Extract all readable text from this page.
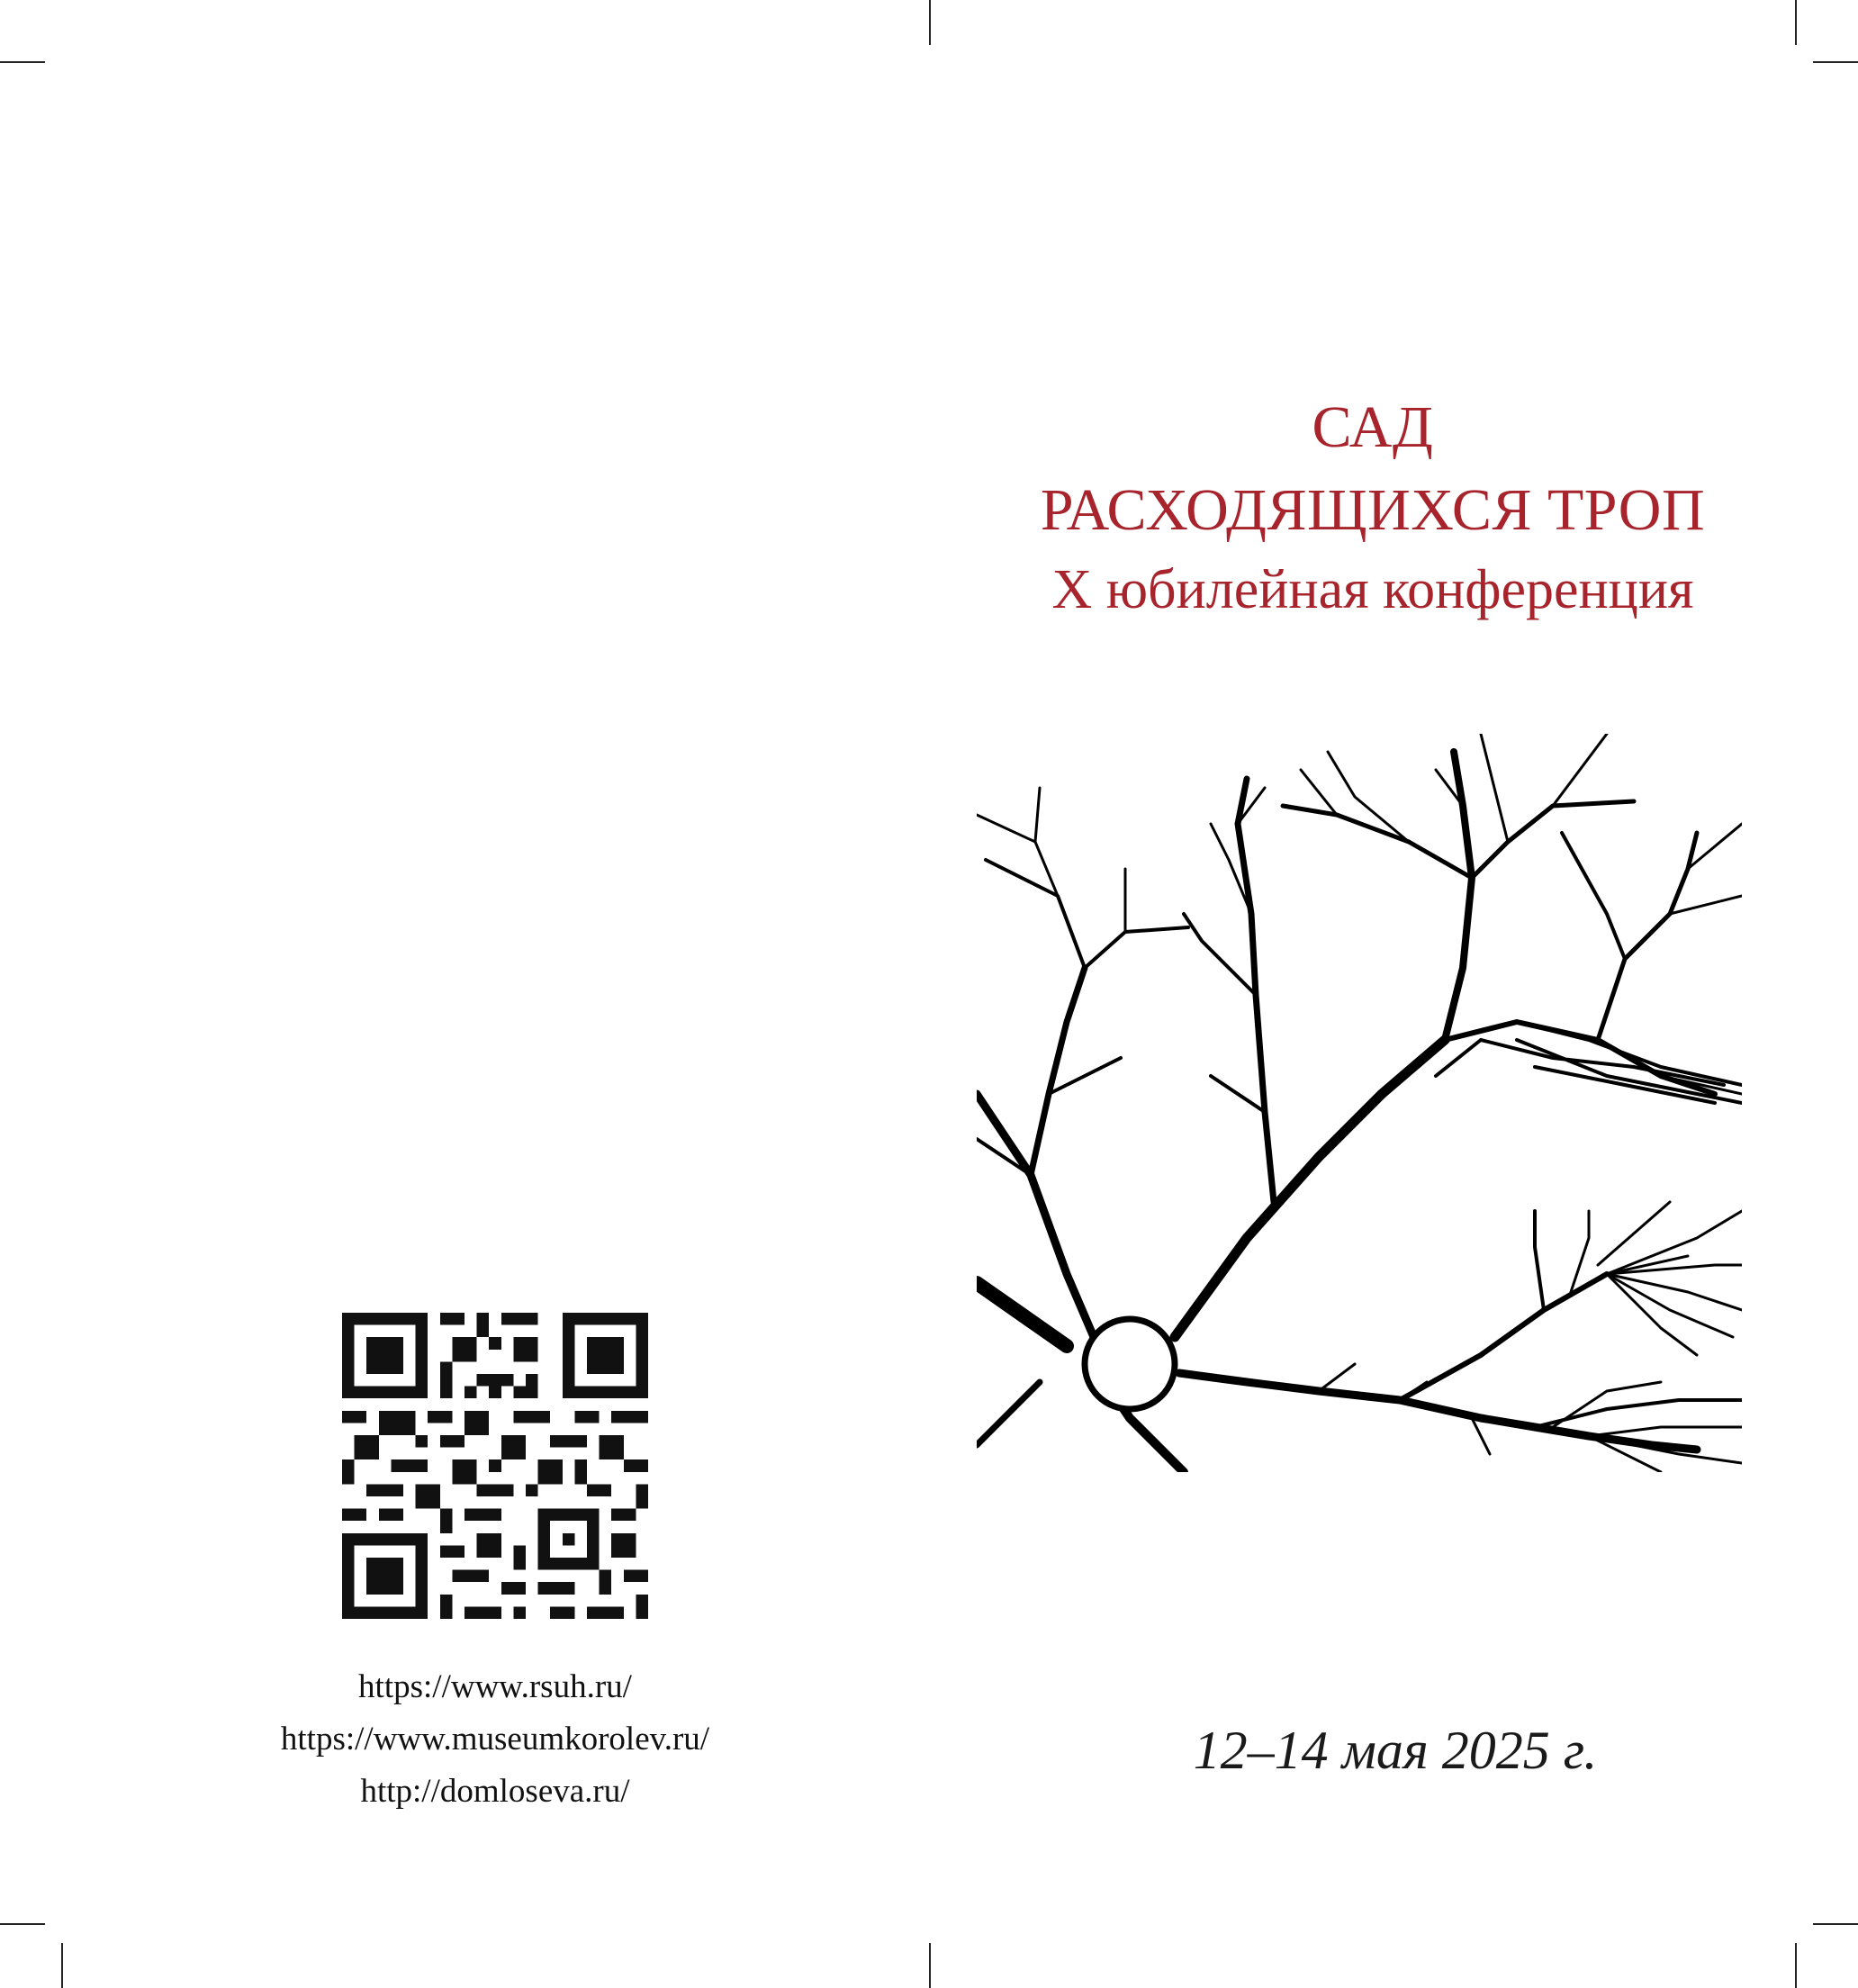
САД
РАСХОДЯЩИХСЯ ТРОП
X юбилейная конференция
https://www.rsuh.ru/
https://www.museumkorolev.ru/
http://domloseva.ru/
12–14 мая 2025 г.
